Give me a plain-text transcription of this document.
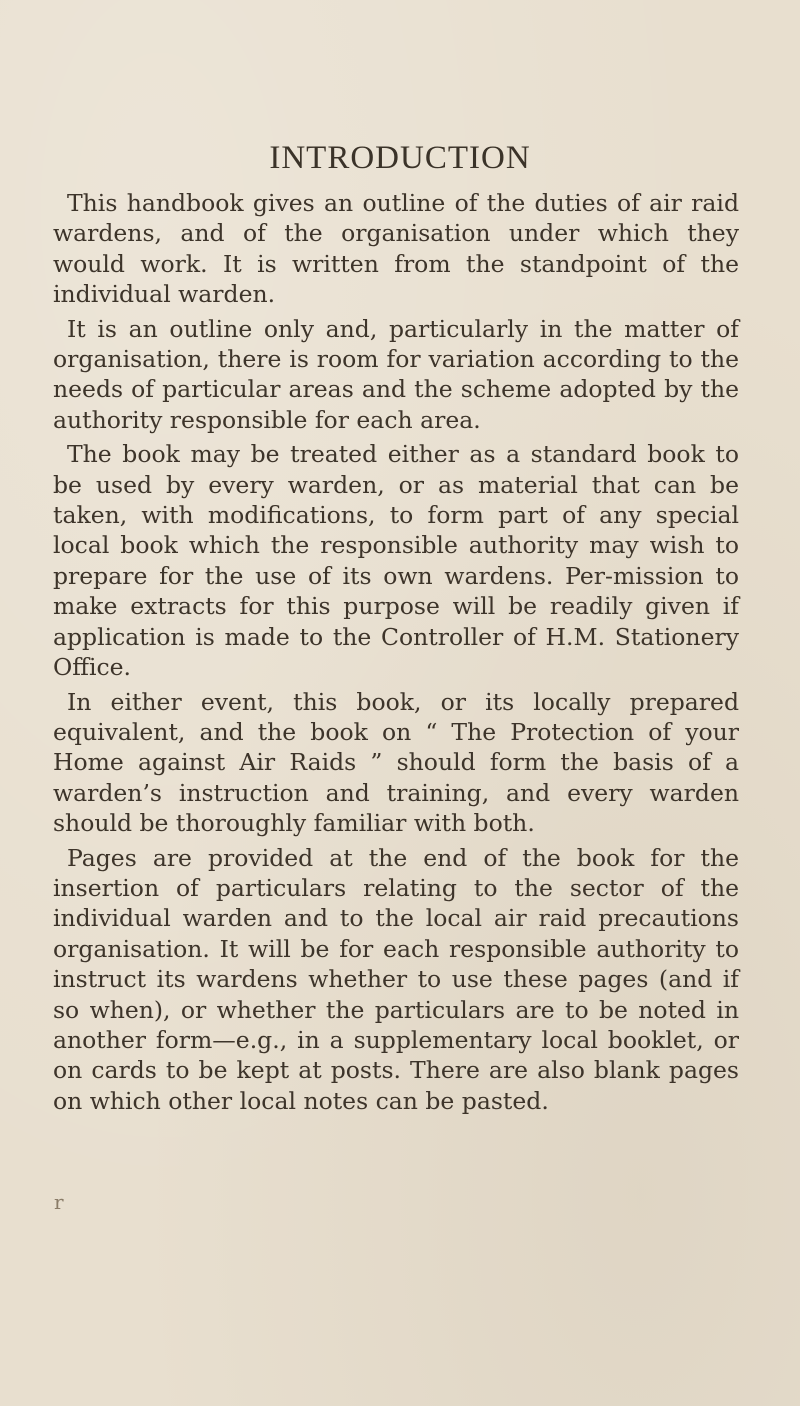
INTRODUCTION

This handbook gives an outline of the duties of air raid wardens, and of the organisation under which they would work. It is written from the standpoint of the individual warden.

It is an outline only and, particularly in the matter of organisation, there is room for variation according to the needs of particular areas and the scheme adopted by the authority responsible for each area.

The book may be treated either as a standard book to be used by every warden, or as material that can be taken, with modifications, to form part of any special local book which the responsible authority may wish to prepare for the use of its own wardens. Per-mission to make extracts for this purpose will be readily given if application is made to the Controller of H.M. Stationery Office.

In either event, this book, or its locally prepared equivalent, and the book on “ The Protection of your Home against Air Raids ” should form the basis of a warden’s instruction and training, and every warden should be thoroughly familiar with both.

Pages are provided at the end of the book for the insertion of particulars relating to the sector of the individual warden and to the local air raid precautions organisation. It will be for each responsible authority to instruct its wardens whether to use these pages (and if so when), or whether the particulars are to be noted in another form—e.g., in a supplementary local booklet, or on cards to be kept at posts. There are also blank pages on which other local notes can be pasted.

r
